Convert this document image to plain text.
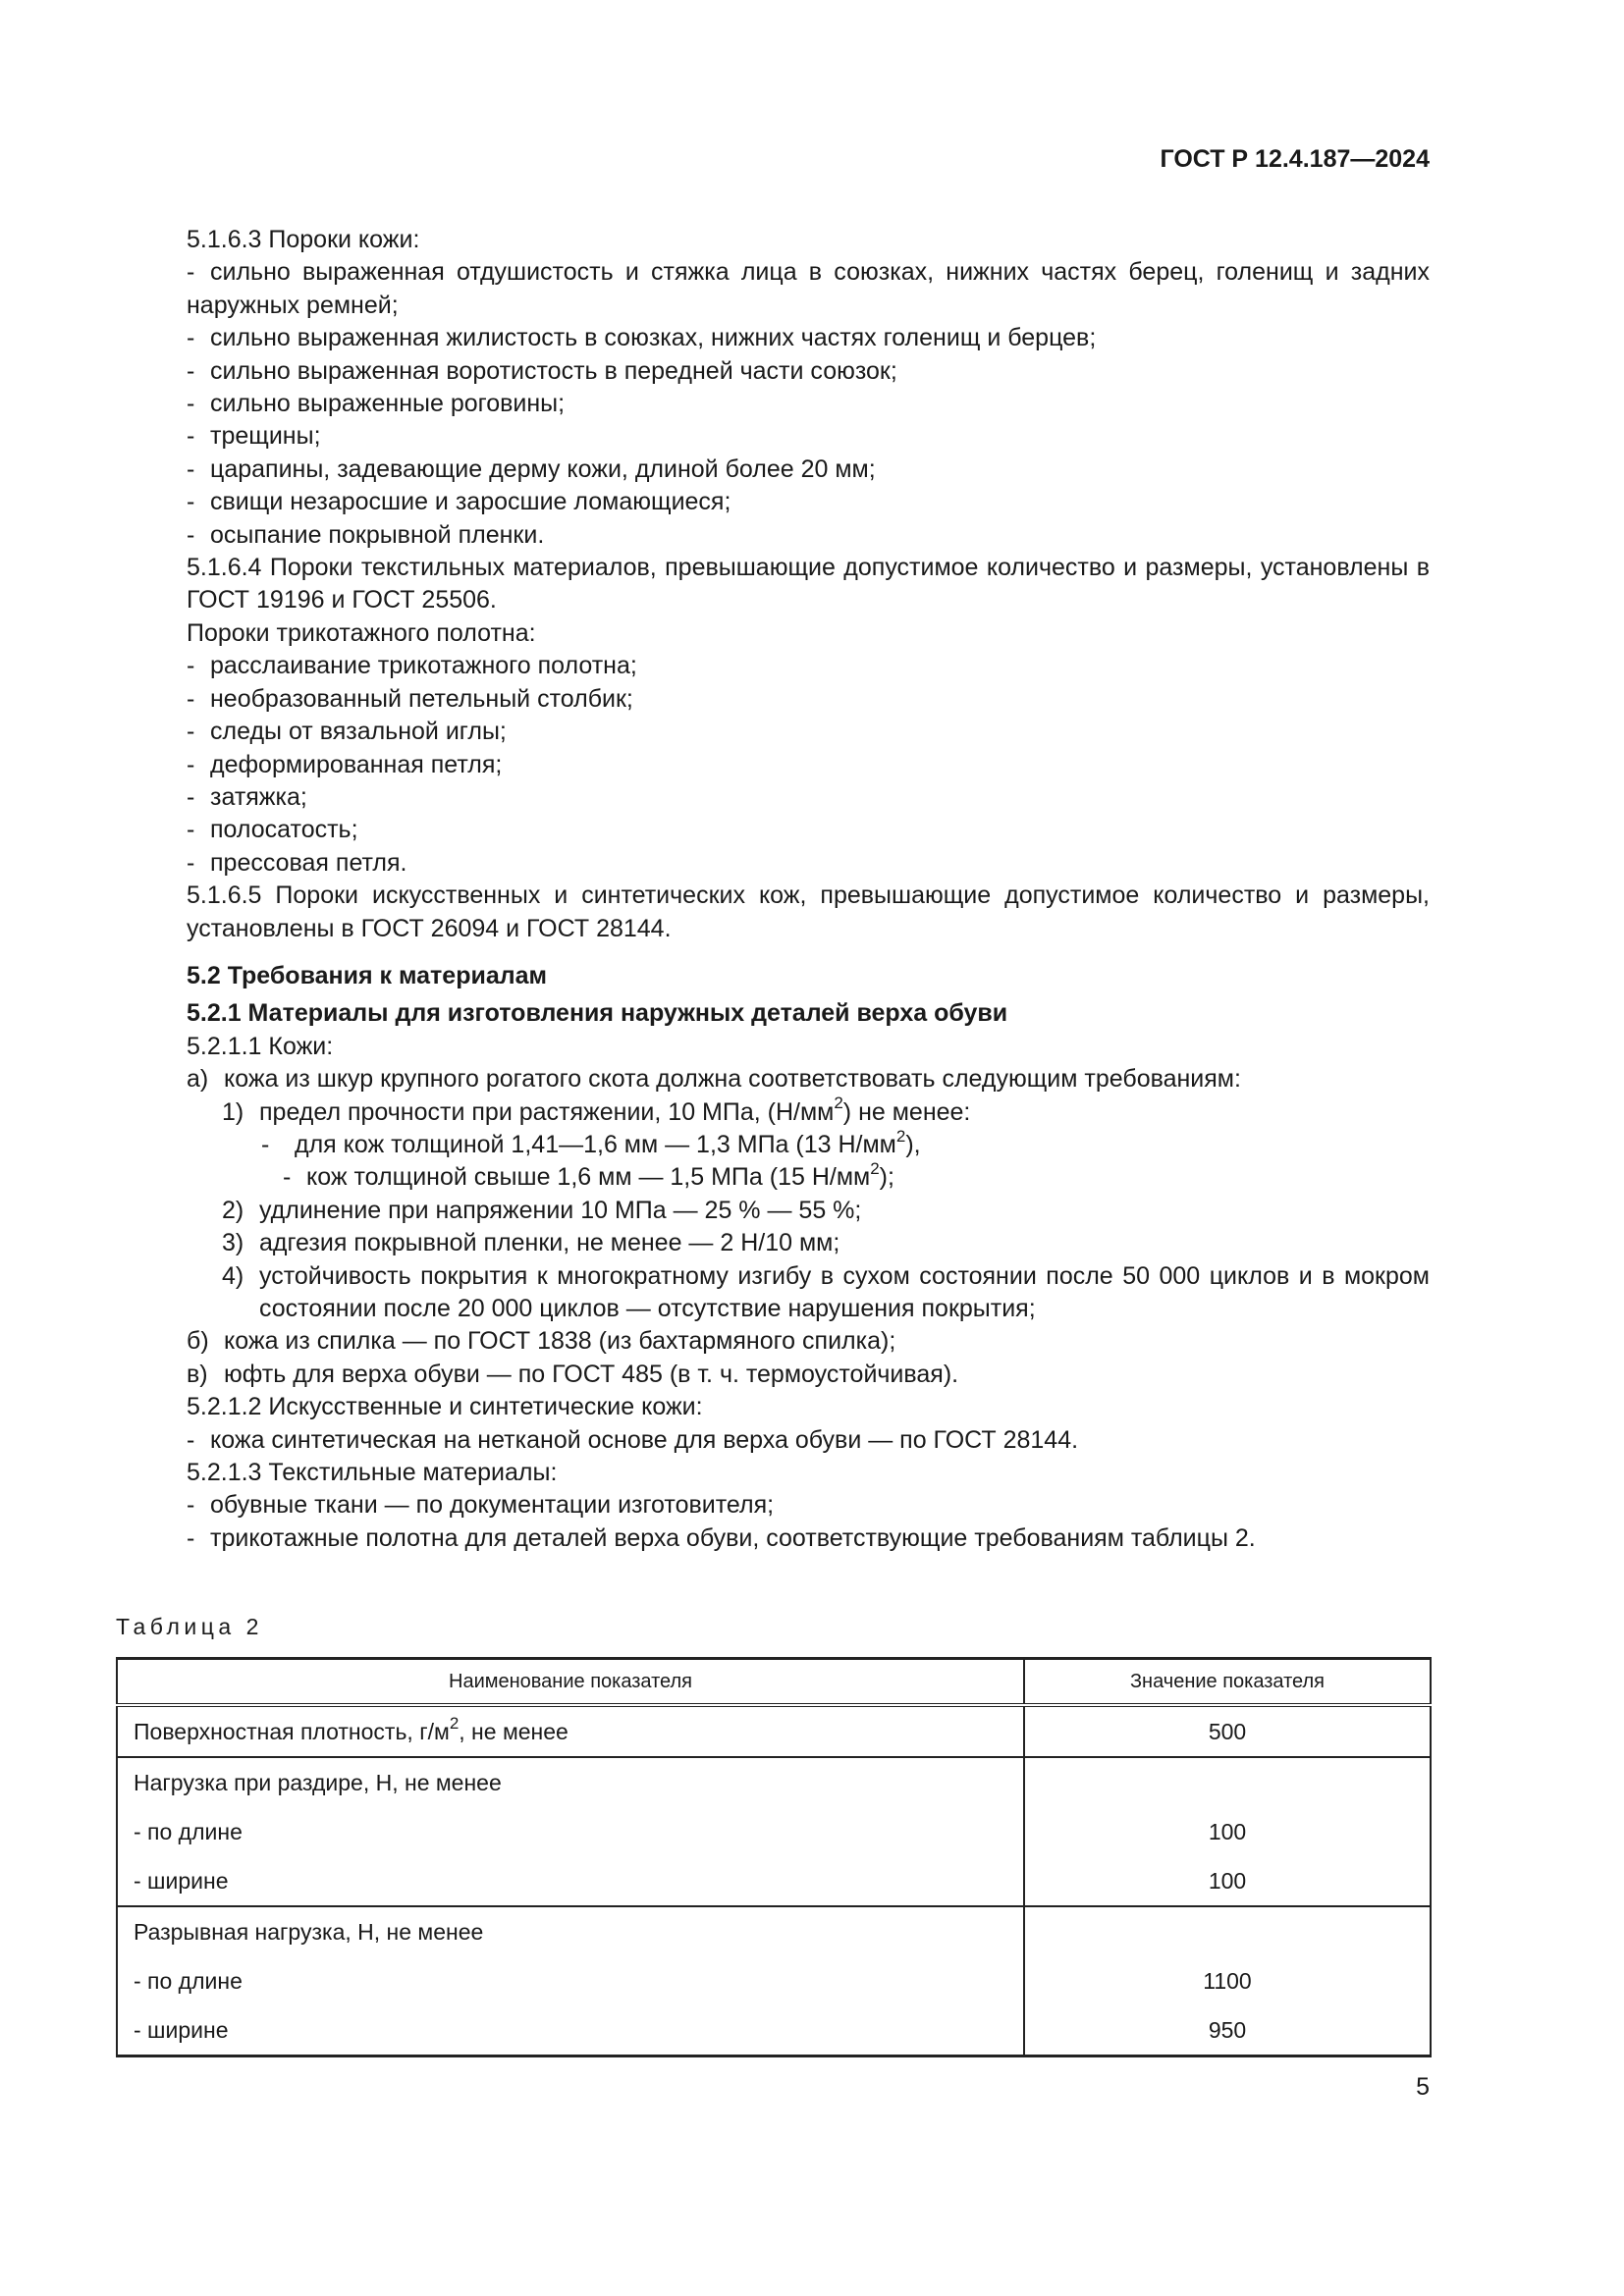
ГОСТ Р 12.4.187—2024

5.1.6.3 Пороки кожи:

- сильно выраженная отдушистость и стяжка лица в союзках, нижних частях берец, голенищ и задних наружных ремней;

- сильно выраженная жилистость в союзках, нижних частях голенищ и берцев;

- сильно выраженная воротистость в передней части союзок;

- сильно выраженные роговины;

- трещины;

- царапины, задевающие дерму кожи, длиной более 20 мм;

- свищи незаросшие и заросшие ломающиеся;

- осыпание покрывной пленки.

5.1.6.4 Пороки текстильных материалов, превышающие допустимое количество и размеры, установлены в ГОСТ 19196 и ГОСТ 25506.

Пороки трикотажного полотна:

- расслаивание трикотажного полотна;

- необразованный петельный столбик;

- следы от вязальной иглы;

- деформированная петля;

- затяжка;

- полосатость;

- прессовая петля.

5.1.6.5 Пороки искусственных и синтетических кож, превышающие допустимое количество и размеры, установлены в ГОСТ 26094 и ГОСТ 28144.

5.2 Требования к материалам

5.2.1 Материалы для изготовления наружных деталей верха обуви

5.2.1.1 Кожи:

а) кожа из шкур крупного рогатого скота должна соответствовать следующим требованиям:

1) предел прочности при растяжении, 10 МПа, $(Н/мм^2)$ не менее:

- для кож толщиной 1,41—1,6 мм — 1,3 МПа (13 $Н/мм^2$),

- кож толщиной свыше 1,6 мм — 1,5 МПа (15 $Н/мм^2$);

2) удлинение при напряжении 10 МПа — 25 % — 55 %;

3) адгезия покрывной пленки, не менее — 2 Н/10 мм;

4) устойчивость покрытия к многократному изгибу в сухом состоянии после 50 000 циклов и в мокром состоянии после 20 000 циклов — отсутствие нарушения покрытия;

б) кожа из спилка — по ГОСТ 1838 (из бахтармяного спилка);

в) юфть для верха обуви — по ГОСТ 485 (в т. ч. термоустойчивая).

5.2.1.2 Искусственные и синтетические кожи:

- кожа синтетическая на нетканой основе для верха обуви — по ГОСТ 28144.

5.2.1.3 Текстильные материалы:

- обувные ткани — по документации изготовителя;

- трикотажные полотна для деталей верха обуви, соответствующие требованиям таблицы 2.

Таблица 2
Наименование показателя	Значение показателя
Поверхностная плотность, $г/м^2$, не менее	500
Нагрузка при раздире, Н, не менее	
- по длине	100
- ширине	100
Разрывная нагрузка, Н, не менее	
- по длине	1100
- ширине	950
5
